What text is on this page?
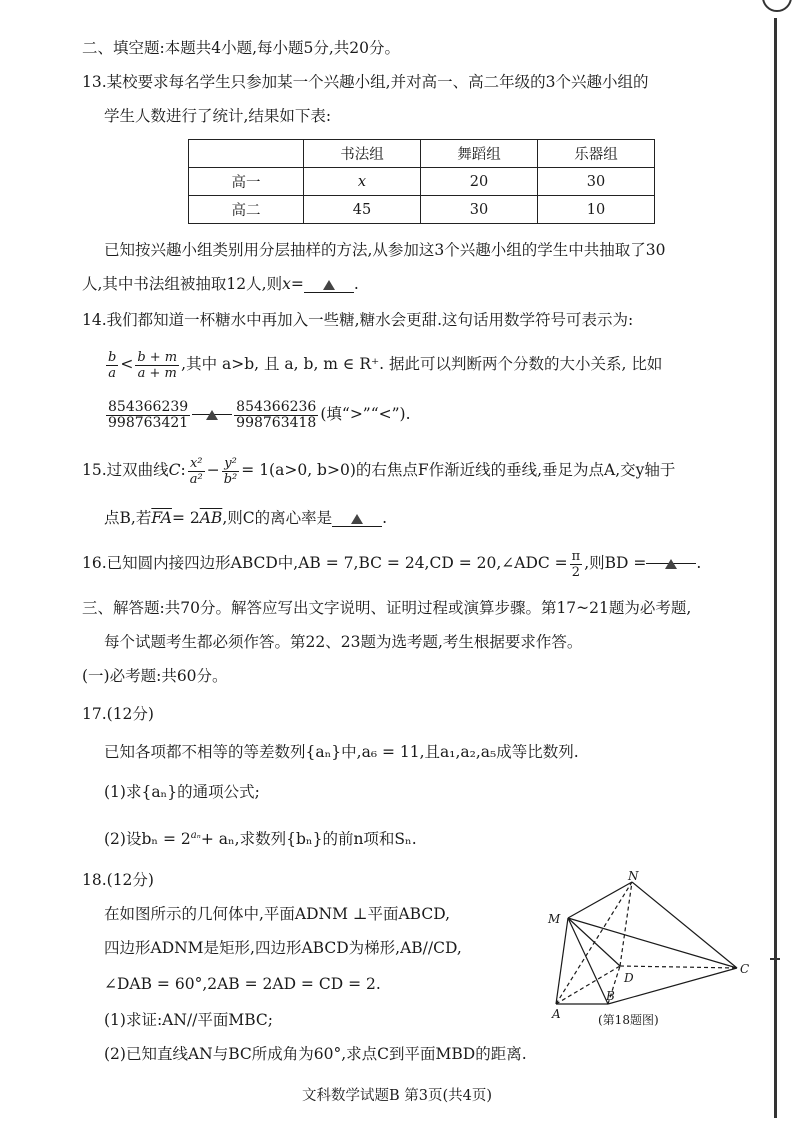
二、填空题:本题共4小题,每小题5分,共20分。
13.某校要求每名学生只参加某一个兴趣小组,并对高一、高二年级的3个兴趣小组的
学生人数进行了统计,结果如下表:
	书法组	舞蹈组	乐器组
高一	x	20	30
高二	45	30	10
已知按兴趣小组类别用分层抽样的方法,从参加这3个兴趣小组的学生中共抽取了30
人,其中书法组被抽取12人,则x=	.
14.我们都知道一杯糖水中再加入一些糖,糖水会更甜.这句话用数学符号可表示为:
$\frac{b}{a} < \frac{b + m}{a + m}$ ,其中 a>b, 且 a, b, m ∈ R⁺. 据此可以判断两个分数的大小关系, 比如
$\frac{854366239}{998763421}$	$\frac{854366236}{998763418}$ (填“>”“<”).
15.过双曲线C: $\frac{\text{x²}}{\text{a²}} - \frac{\text{y²}}{\text{b²}} = 1(a>0$, b>0)的右焦点F作渐近线的垂线,垂足为点A,交y轴于
点B,若$\overline{FA}= 2\overline{AB}$,则C的离心率是	.
16.已知圆内接四边形ABCD中,AB = 7,BC = 24,CD = 20,∠ADC = $\frac{\pi}{2}$ ,则BD =	.
三、解答题:共70分。解答应写出文字说明、证明过程或演算步骤。第17~21题为必考题,
每个试题考生都必须作答。第22、23题为选考题,考生根据要求作答。
(一)必考题:共60分。
17.(12分)
已知各项都不相等的等差数列{aₙ}中,a₆ = 11,且a₁,a₂,a₅成等比数列.
(1)求{aₙ}的通项公式;
(2)设$b_n = 2^{a_n}+ a_n$,求数列{bₙ}的前n项和Sₙ.
18.(12分)
在如图所示的几何体中,平面ADNM ⊥平面ABCD,
四边形ADNM是矩形,四边形ABCD为梯形,AB//CD,
∠DAB = 60°,2AB = 2AD = CD = 2.
(1)求证:AN//平面MBC;
(2)已知直线AN与BC所成角为60°,求点C到平面MBD的距离.
N
M
C
D
A
B
(第18题图)
文科数学试题B 第3页(共4页)
